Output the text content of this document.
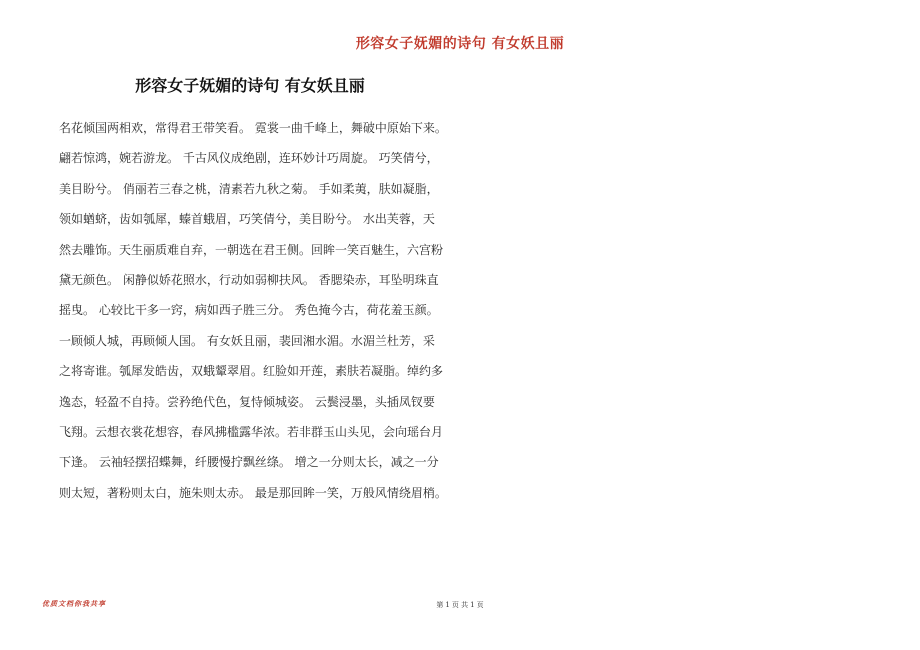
形容女子妩媚的诗句 有女妖且丽
形容女子妩媚的诗句 有女妖且丽
名花倾国两相欢，常得君王带笑看。 霓裳一曲千峰上，舞破中原始下来。
翩若惊鸿，婉若游龙。 千古风仪成绝剧，连环妙计巧周旋。 巧笑倩兮，
美目盼兮。 俏丽若三春之桃，清素若九秋之菊。 手如柔荑，肤如凝脂，
领如蝤蛴，齿如瓠犀，螓首蛾眉，巧笑倩兮，美目盼兮。 水出芙蓉，天
然去雕饰。天生丽质难自弃，一朝选在君王侧。回眸一笑百魅生，六宫粉
黛无颜色。 闲静似娇花照水，行动如弱柳扶风。 香腮染赤，耳坠明珠直
摇曳。 心较比干多一窍，病如西子胜三分。 秀色掩今古，荷花羞玉颜。
一顾倾人城，再顾倾人国。 有女妖且丽，裴回湘水湄。水湄兰杜芳，采
之将寄谁。瓠犀发皓齿，双蛾颦翠眉。红脸如开莲，素肤若凝脂。绰约多
逸态，轻盈不自持。尝矜绝代色，复恃倾城姿。 云鬓浸墨，头插凤钗要
飞翔。云想衣裳花想容，春风拂槛露华浓。若非群玉山头见，会向瑶台月
下逢。 云袖轻摆招蝶舞，纤腰慢拧飘丝绦。 增之一分则太长，减之一分
则太短，著粉则太白，施朱则太赤。 最是那回眸一笑，万般风情绕眉梢。
优质文档你我共享	第 1 页 共 1 页
